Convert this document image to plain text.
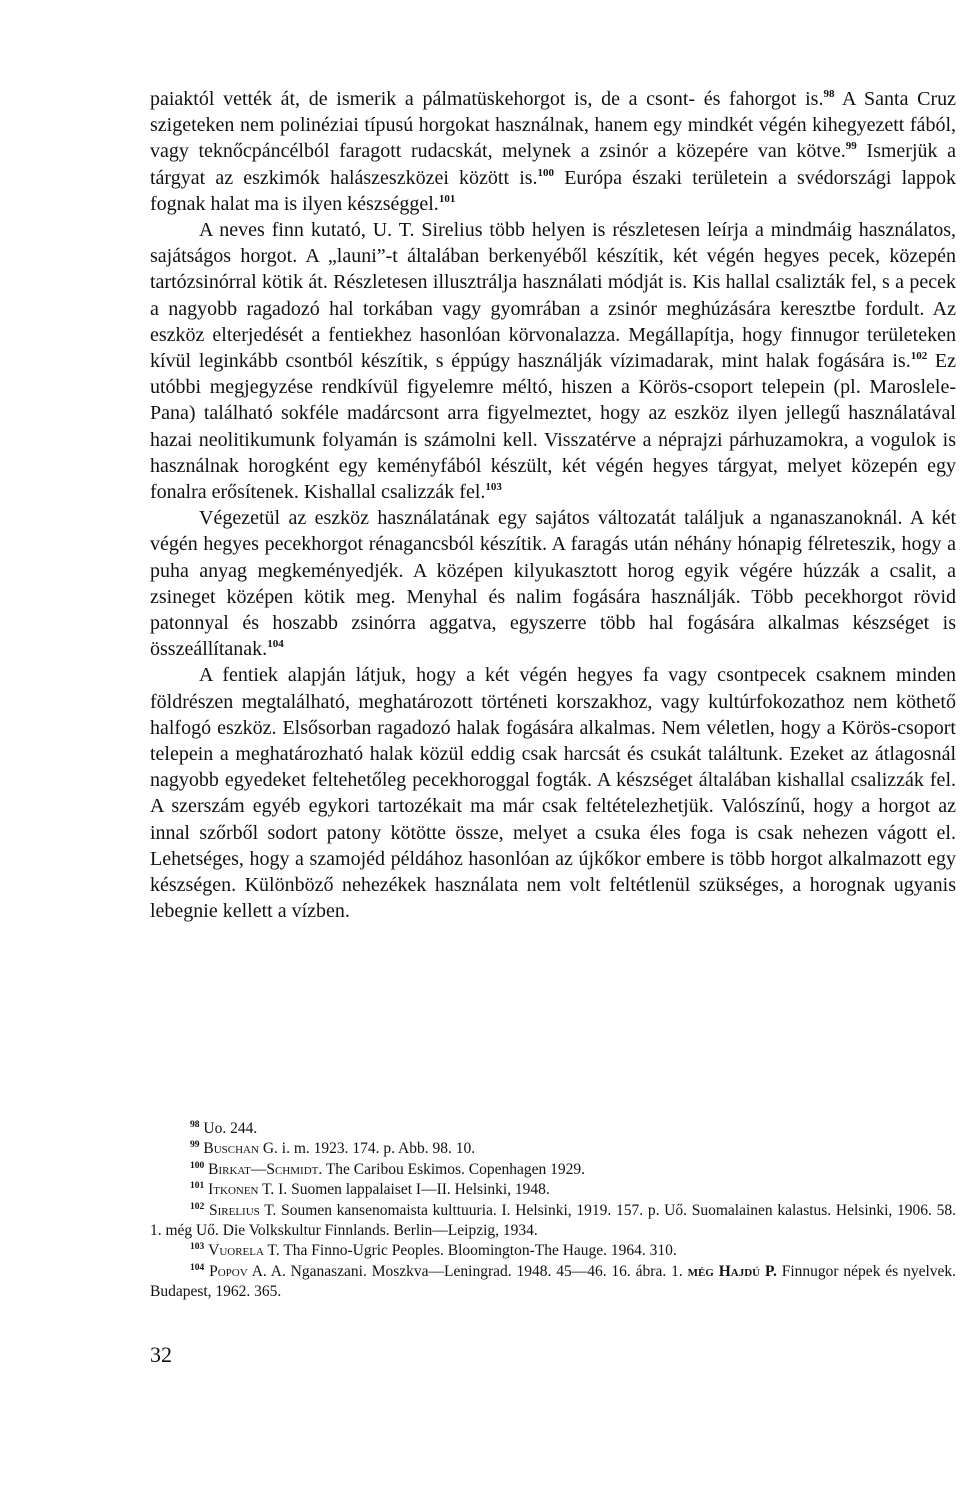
paiaktól vették át, de ismerik a pálmatüskehorgot is, de a csont- és fahorgot is.$^{98}$ A Santa Cruz szigeteken nem polinéziai típusú horgokat használnak, hanem egy mindkét végén kihegyezett fából, vagy teknőcpáncélból faragott rudacskát, melynek a zsinór a közepére van kötve.$^{99}$ Ismerjük a tárgyat az eszkimók halászeszközei között is.$^{100}$ Európa északi területein a svédországi lappok fognak halat ma is ilyen készséggel.$^{101}$

A neves finn kutató, U. T. Sirelius több helyen is részletesen leírja a mindmáig használatos, sajátságos horgot. A „launi”-t általában berkenyéből készítik, két végén hegyes pecek, közepén tartózsinórral kötik át. Részletesen illusztrálja használati módját is. Kis hallal csalizták fel, s a pecek a nagyobb ragadozó hal torkában vagy gyomrában a zsinór meghúzására keresztbe fordult. Az eszköz elterjedését a fentiekhez hasonlóan körvonalazza. Megállapítja, hogy finnugor területeken kívül leginkább csontból készítik, s éppúgy használják vízimadarak, mint halak fogására is.$^{102}$ Ez utóbbi megjegyzése rendkívül figyelemre méltó, hiszen a Körös-csoport telepein (pl. Maroslele-Pana) található sokféle madárcsont arra figyelmeztet, hogy az eszköz ilyen jellegű használatával hazai neolitikumunk folyamán is számolni kell. Visszatérve a néprajzi párhuzamokra, a vogulok is használnak horogként egy keményfából készült, két végén hegyes tárgyat, melyet közepén egy fonalra erősítenek. Kishallal csalizzák fel.$^{103}$

Végezetül az eszköz használatának egy sajátos változatát találjuk a nganaszanoknál. A két végén hegyes pecekhorgot rénagancsból készítik. A faragás után néhány hónapig félreteszik, hogy a puha anyag megkeményedjék. A középen kilyukasztott horog egyik végére húzzák a csalit, a zsineget középen kötik meg. Menyhal és nalim fogására használják. Több pecekhorgot rövid patonnyal és hoszabb zsinórra aggatva, egyszerre több hal fogására alkalmas készséget is összeállítanak.$^{104}$

A fentiek alapján látjuk, hogy a két végén hegyes fa vagy csontpecek csaknem minden földrészen megtalálható, meghatározott történeti korszakhoz, vagy kultúrfokozathoz nem köthető halfogó eszköz. Elsősorban ragadozó halak fogására alkalmas. Nem véletlen, hogy a Körös-csoport telepein a meghatározható halak közül eddig csak harcsát és csukát találtunk. Ezeket az átlagosnál nagyobb egyedeket feltehetőleg pecekhoroggal fogták. A készséget általában kishallal csalizzák fel. A szerszám egyéb egykori tartozékait ma már csak feltételezhetjük. Valószínű, hogy a horgot az innal szőrből sodort patony kötötte össze, melyet a csuka éles foga is csak nehezen vágott el. Lehetséges, hogy a szamojéd példához hasonlóan az újkőkor embere is több horgot alkalmazott egy készségen. Különböző nehezékek használata nem volt feltétlenül szükséges, a horognak ugyanis lebegnie kellett a vízben.

$^{98}$ Uo. 244.

$^{99}$ Buschan G. i. m. 1923. 174. p. Abb. 98. 10.

$^{100}$ Birkat—Schmidt. The Caribou Eskimos. Copenhagen 1929.

$^{101}$ Itkonen T. I. Suomen lappalaiset I—II. Helsinki, 1948.

$^{102}$ Sirelius T. Soumen kansenomaista kulttuuria. I. Helsinki, 1919. 157. p. Uő. Suomalainen kalastus. Helsinki, 1906. 58. 1. még Uő. Die Volkskultur Finnlands. Berlin—Leipzig, 1934.

$^{103}$ Vuorela T. Tha Finno-Ugric Peoples. Bloomington-The Hauge. 1964. 310.

$^{104}$ Popov A. A. Nganaszani. Moszkva—Leningrad. 1948. 45—46. 16. ábra. 1. még Hajdú P. Finnugor népek és nyelvek. Budapest, 1962. 365.

32
